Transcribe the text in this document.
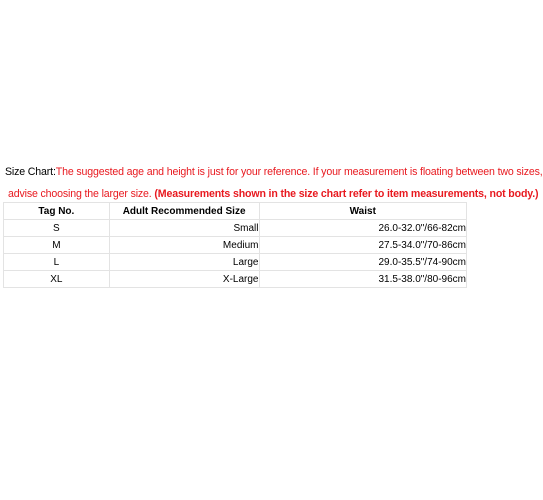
Size Chart:The suggested age and height is just for your reference. If your measurement is floating between two sizes,
advise choosing the larger size. (Measurements shown in the size chart refer to item measurements, not body.)
Tag No.	Adult Recommended Size	Waist
S	Small	26.0-32.0"/66-82cm
M	Medium	27.5-34.0"/70-86cm
L	Large	29.0-35.5"/74-90cm
XL	X-Large	31.5-38.0"/80-96cm
